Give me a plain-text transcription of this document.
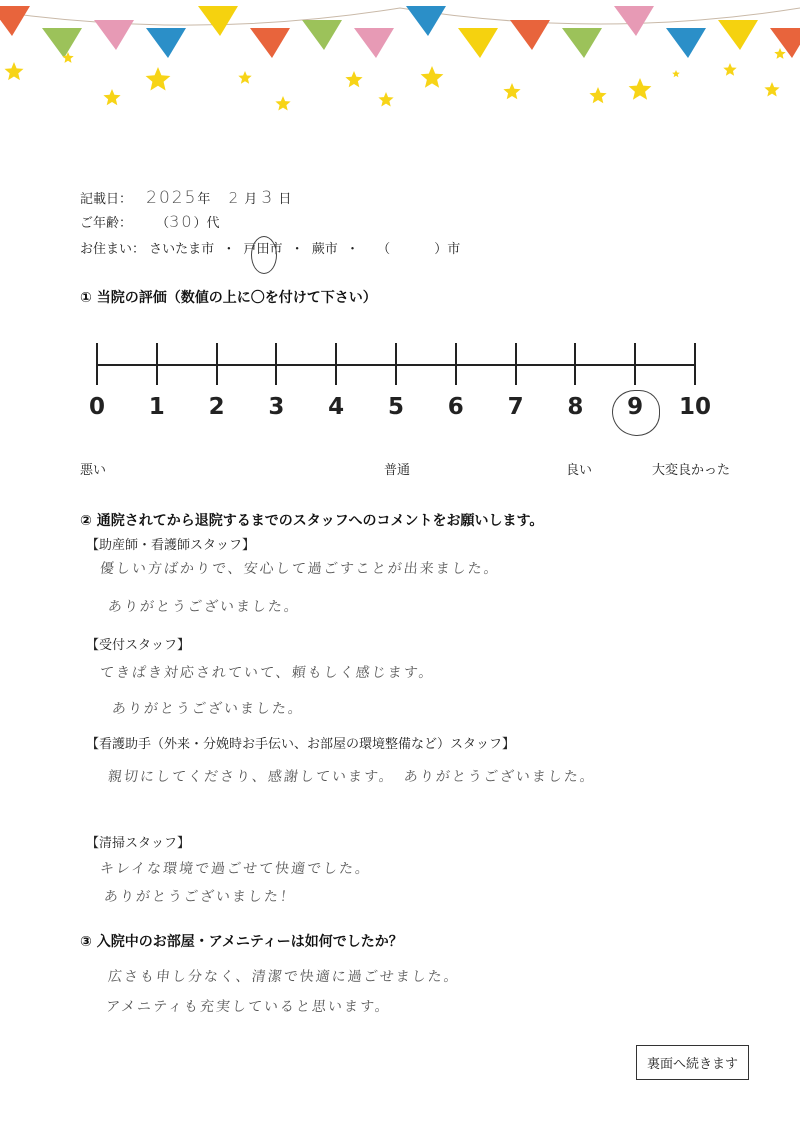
記載日： 2025年 2 月 3 日
ご年齢： （30）代
お住まい： さいたま市 ・ 戸田市 ・ 蕨市 ・ （	）市
① 当院の評価（数値の上に〇を付けて下さい）
0	1	2	3	4	5	6	7	8	9	10
悪い	普通	良い	大変良かった
② 通院されてから退院するまでのスタッフへのコメントをお願いします。
【助産師・看護師スタッフ】
優しい方ばかりで、安心して過ごすことが出来ました。
ありがとうございました。
【受付スタッフ】
てきぱき対応されていて、頼もしく感じます。
ありがとうございました。
【看護助手（外来・分娩時お手伝い、お部屋の環境整備など）スタッフ】
親切にしてくださり、感謝しています。　ありがとうございました。
【清掃スタッフ】
キレイな環境で過ごせて快適でした。
ありがとうございました！
③ 入院中のお部屋・アメニティーは如何でしたか？
広さも申し分なく、清潔で快適に過ごせました。
アメニティも充実していると思います。
裏面へ続きます
